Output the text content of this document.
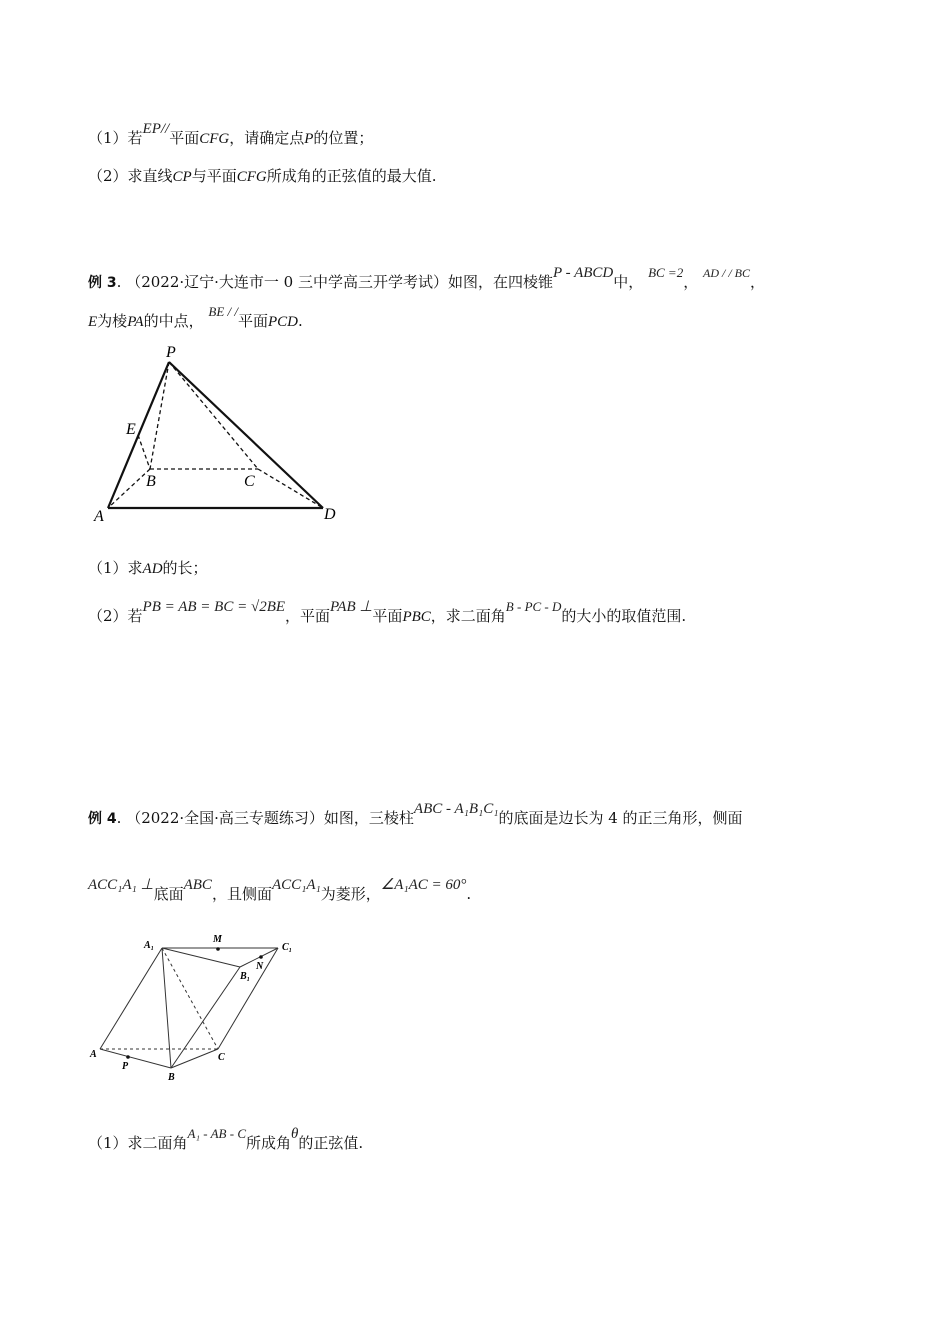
（1）若EP//平面CFG，请确定点P的位置；
（2）求直线CP与平面CFG所成角的正弦值的最大值.
例 3. （2022·辽宁·大连市一 0 三中学高三开学考试）如图，在四棱锥P - ABCD中， BC =2， $^{AD / / BC}$，
E为棱PA的中点， BE / /平面PCD.
P
E
B	C
A	D
（1）求AD的长；
（2）若PB = AB = BC = √2BE，平面PAB ⊥平面PBC，求二面角B - PC - D的大小的取值范围.
例 4. （2022·全国·高三专题练习）如图，三棱柱ABC - A₁B₁C₁的底面是边长为 4 的正三角形，侧面
ACC₁A₁ ⊥底面ABC，且侧面ACC₁A₁为菱形，∠A₁AC = 60°.
A₁
M
C₁
N
B₁
A
P
B
C
（1）求二面角A₁ - AB - C所成角θ的正弦值.
